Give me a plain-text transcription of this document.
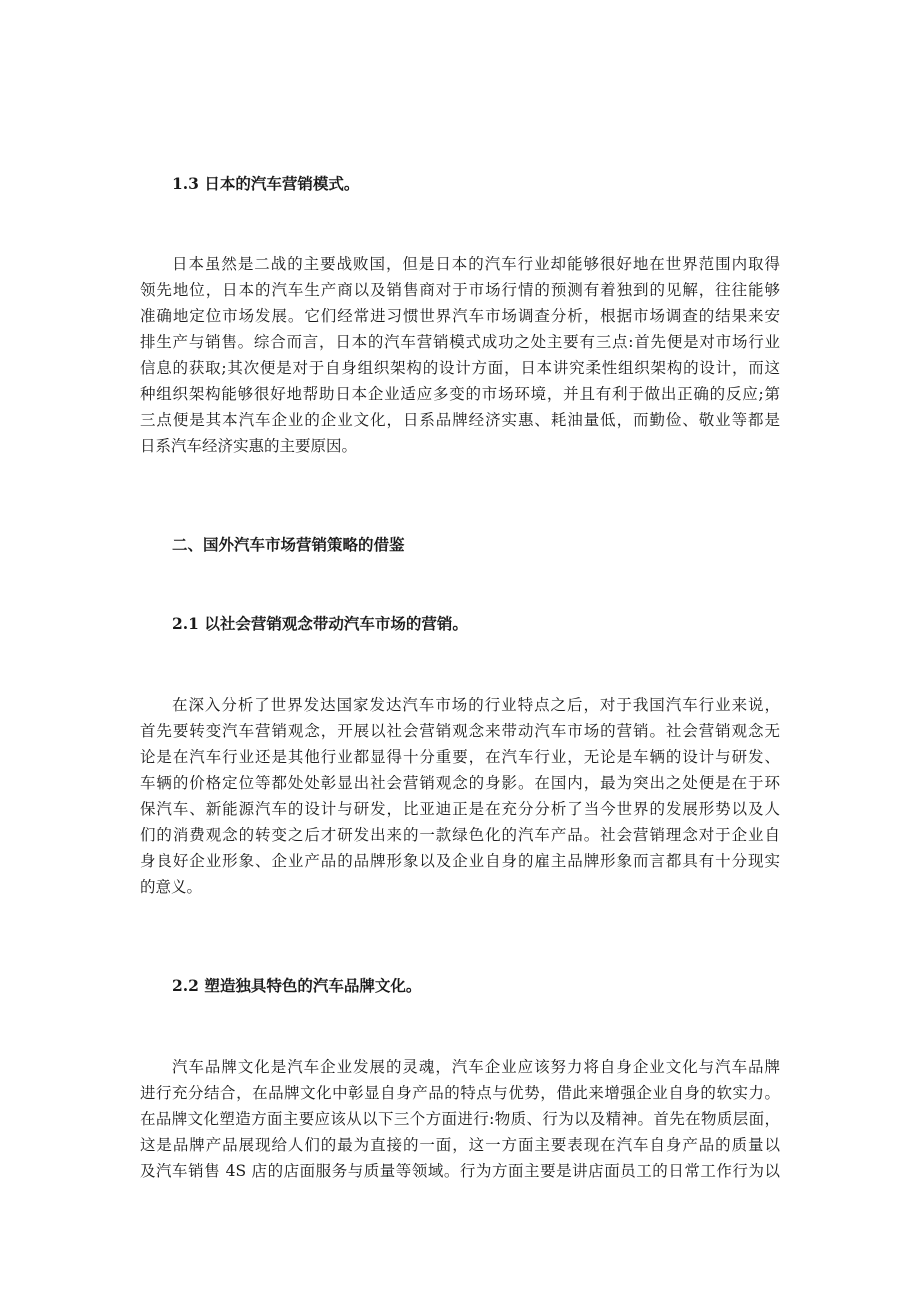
1.3 日本的汽车营销模式。
日本虽然是二战的主要战败国，但是日本的汽车行业却能够很好地在世界范围内取得
领先地位，日本的汽车生产商以及销售商对于市场行情的预测有着独到的见解，往往能够
准确地定位市场发展。它们经常进习惯世界汽车市场调查分析，根据市场调查的结果来安
排生产与销售。综合而言，日本的汽车营销模式成功之处主要有三点:首先便是对市场行业
信息的获取;其次便是对于自身组织架构的设计方面，日本讲究柔性组织架构的设计，而这
种组织架构能够很好地帮助日本企业适应多变的市场环境，并且有利于做出正确的反应;第
三点便是其本汽车企业的企业文化，日系品牌经济实惠、耗油量低，而勤俭、敬业等都是
日系汽车经济实惠的主要原因。
二、国外汽车市场营销策略的借鉴
2.1 以社会营销观念带动汽车市场的营销。
在深入分析了世界发达国家发达汽车市场的行业特点之后，对于我国汽车行业来说，
首先要转变汽车营销观念，开展以社会营销观念来带动汽车市场的营销。社会营销观念无
论是在汽车行业还是其他行业都显得十分重要，在汽车行业，无论是车辆的设计与研发、
车辆的价格定位等都处处彰显出社会营销观念的身影。在国内，最为突出之处便是在于环
保汽车、新能源汽车的设计与研发，比亚迪正是在充分分析了当今世界的发展形势以及人
们的消费观念的转变之后才研发出来的一款绿色化的汽车产品。社会营销理念对于企业自
身良好企业形象、企业产品的品牌形象以及企业自身的雇主品牌形象而言都具有十分现实
的意义。
2.2 塑造独具特色的汽车品牌文化。
汽车品牌文化是汽车企业发展的灵魂，汽车企业应该努力将自身企业文化与汽车品牌
进行充分结合，在品牌文化中彰显自身产品的特点与优势，借此来增强企业自身的软实力。
在品牌文化塑造方面主要应该从以下三个方面进行:物质、行为以及精神。首先在物质层面，
这是品牌产品展现给人们的最为直接的一面，这一方面主要表现在汽车自身产品的质量以
及汽车销售 4S 店的店面服务与质量等领域。行为方面主要是讲店面员工的日常工作行为以
